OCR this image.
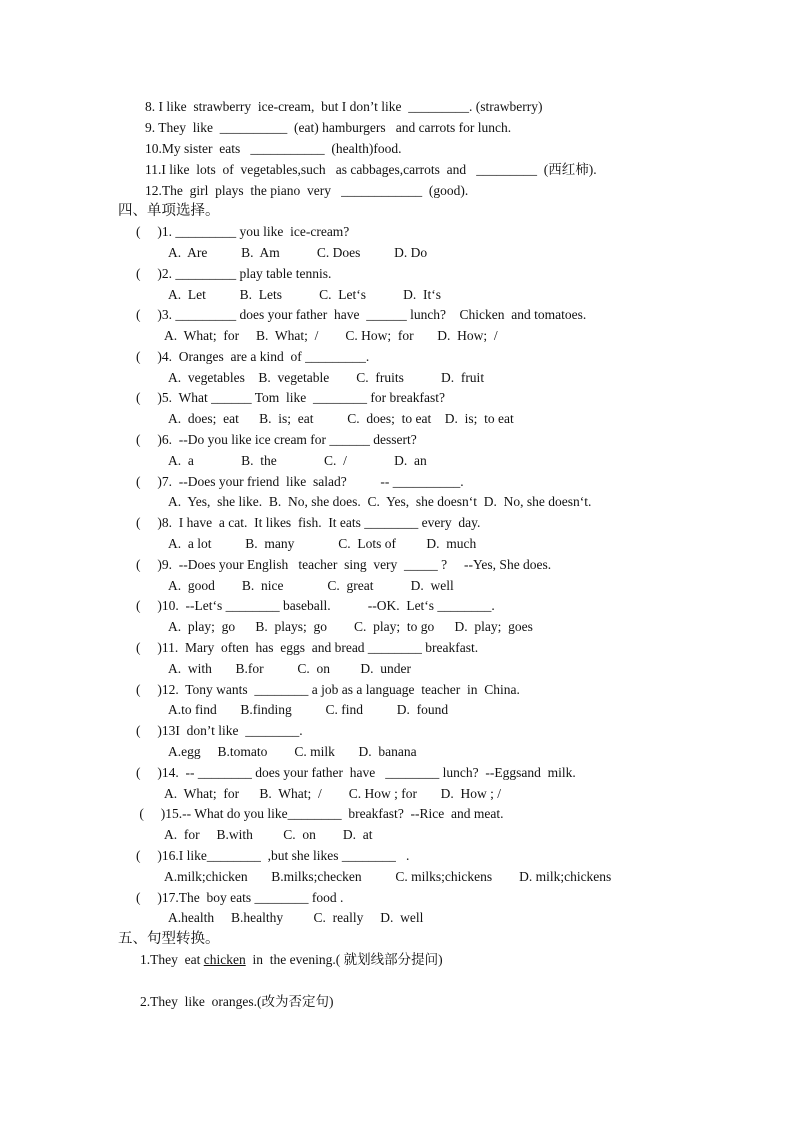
8. I like  strawberry  ice-cream,  but I don’t like  _________. (strawberry)
9. They  like  __________  (eat) hamburgers   and carrots for lunch.
10.My sister  eats   ___________  (health)food.
11.I like  lots  of  vegetables,such   as cabbages,carrots  and   _________  (西红柿).
12.The  girl  plays  the piano  very   ____________  (good).
四、单项选择。
(     )1. _________ you like  ice-cream?
A.  Are          B.  Am           C. Does          D. Do
(     )2. _________ play table tennis.
A.  Let          B.  Lets           C.  Let‘s           D.  It‘s
(     )3. _________ does your father  have  ______ lunch?    Chicken  and tomatoes.
A.  What;  for     B.  What;  /        C. How;  for       D.  How;  /
(     )4.  Oranges  are a kind  of _________.
A.  vegetables    B.  vegetable        C.  fruits           D.  fruit
(     )5.  What ______ Tom  like  ________ for breakfast?
A.  does;  eat      B.  is;  eat          C.  does;  to eat    D.  is;  to eat
(     )6.  --Do you like ice cream for ______ dessert?
A.  a              B.  the              C.  /              D.  an
(     )7.  --Does your friend  like  salad?          -- __________.
A.  Yes,  she like.  B.  No, she does.  C.  Yes,  she doesn‘t  D.  No, she doesn‘t.
(     )8.  I have  a cat.  It likes  fish.  It eats ________ every  day.
A.  a lot          B.  many             C.  Lots of         D.  much
(     )9.  --Does your English   teacher  sing  very  _____ ?     --Yes, She does.
A.  good        B.  nice             C.  great           D.  well
(     )10.  --Let‘s ________ baseball.           --OK.  Let‘s ________.
A.  play;  go      B.  plays;  go        C.  play;  to go      D.  play;  goes
(     )11.  Mary  often  has  eggs  and bread ________ breakfast.
A.  with       B.for          C.  on         D.  under
(     )12.  Tony wants  ________ a job as a language  teacher  in  China.
A.to find       B.finding          C. find          D.  found
(     )13I  don’t like  ________.
A.egg     B.tomato        C. milk       D.  banana
(     )14.  -- ________ does your father  have   ________ lunch?  --Eggsand  milk.
A.  What;  for      B.  What;  /        C. How ; for       D.  How ; /
(     )15.-- What do you like________  breakfast?  --Rice  and meat.
A.  for     B.with         C.  on        D.  at
(     )16.I like________  ,but she likes ________   .
A.milk;chicken       B.milks;checken          C. milks;chickens        D. milk;chickens
(     )17.The  boy eats ________ food .
A.health     B.healthy         C.  really     D.  well
五、句型转换。
1.They  eat chicken  in  the evening.( 就划线部分提问)
2.They  like  oranges.(改为否定句)
